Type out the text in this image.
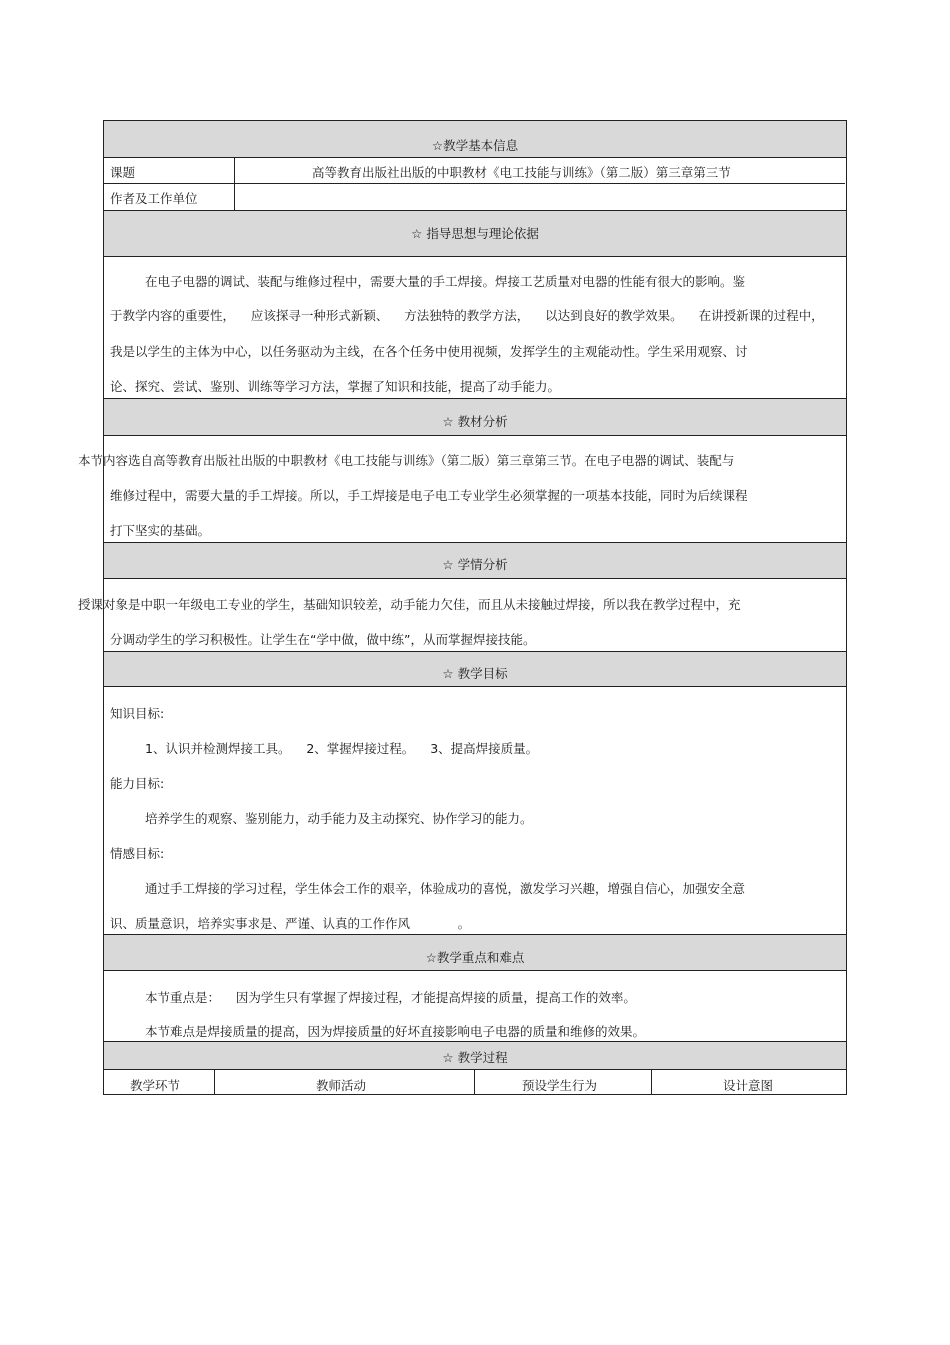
☆教学基本信息
课题	高等教育出版社出版的中职教材《电工技能与训练》（第二版）第三章第三节
作者及工作单位
☆ 指导思想与理论依据
在电子电器的调试、装配与维修过程中，需要大量的手工焊接。焊接工艺质量对电器的性能有很大的影响。鉴
于教学内容的重要性，    应该探寻一种形式新颖、    方法独特的教学方法，    以达到良好的教学效果。    在讲授新课的过程中，
我是以学生的主体为中心，以任务驱动为主线，在各个任务中使用视频，发挥学生的主观能动性。学生采用观察、讨
论、探究、尝试、鉴别、训练等学习方法，掌握了知识和技能，提高了动手能力。
☆ 教材分析
本节内容选自高等教育出版社出版的中职教材《电工技能与训练》（第二版）第三章第三节。在电子电器的调试、装配与
维修过程中，需要大量的手工焊接。所以，手工焊接是电子电工专业学生必须掌握的一项基本技能，同时为后续课程
打下坚实的基础。
☆ 学情分析
授课对象是中职一年级电工专业的学生，基础知识较差，动手能力欠佳，而且从未接触过焊接，所以我在教学过程中，充
分调动学生的学习积极性。让学生在“学中做，做中练”，从而掌握焊接技能。
☆ 教学目标
知识目标:
1、认识并检测焊接工具。    2、掌握焊接过程。    3、提高焊接质量。
能力目标:
培养学生的观察、鉴别能力，动手能力及主动探究、协作学习的能力。
情感目标:
通过手工焊接的学习过程，学生体会工作的艰辛，体验成功的喜悦，激发学习兴趣，增强自信心，加强安全意
识、质量意识，培养实事求是、严谨、认真的工作作风            。
☆教学重点和难点
本节重点是：    因为学生只有掌握了焊接过程，才能提高焊接的质量，提高工作的效率。
本节难点是焊接质量的提高，因为焊接质量的好坏直接影响电子电器的质量和维修的效果。
☆ 教学过程
教学环节	教师活动	预设学生行为	设计意图
